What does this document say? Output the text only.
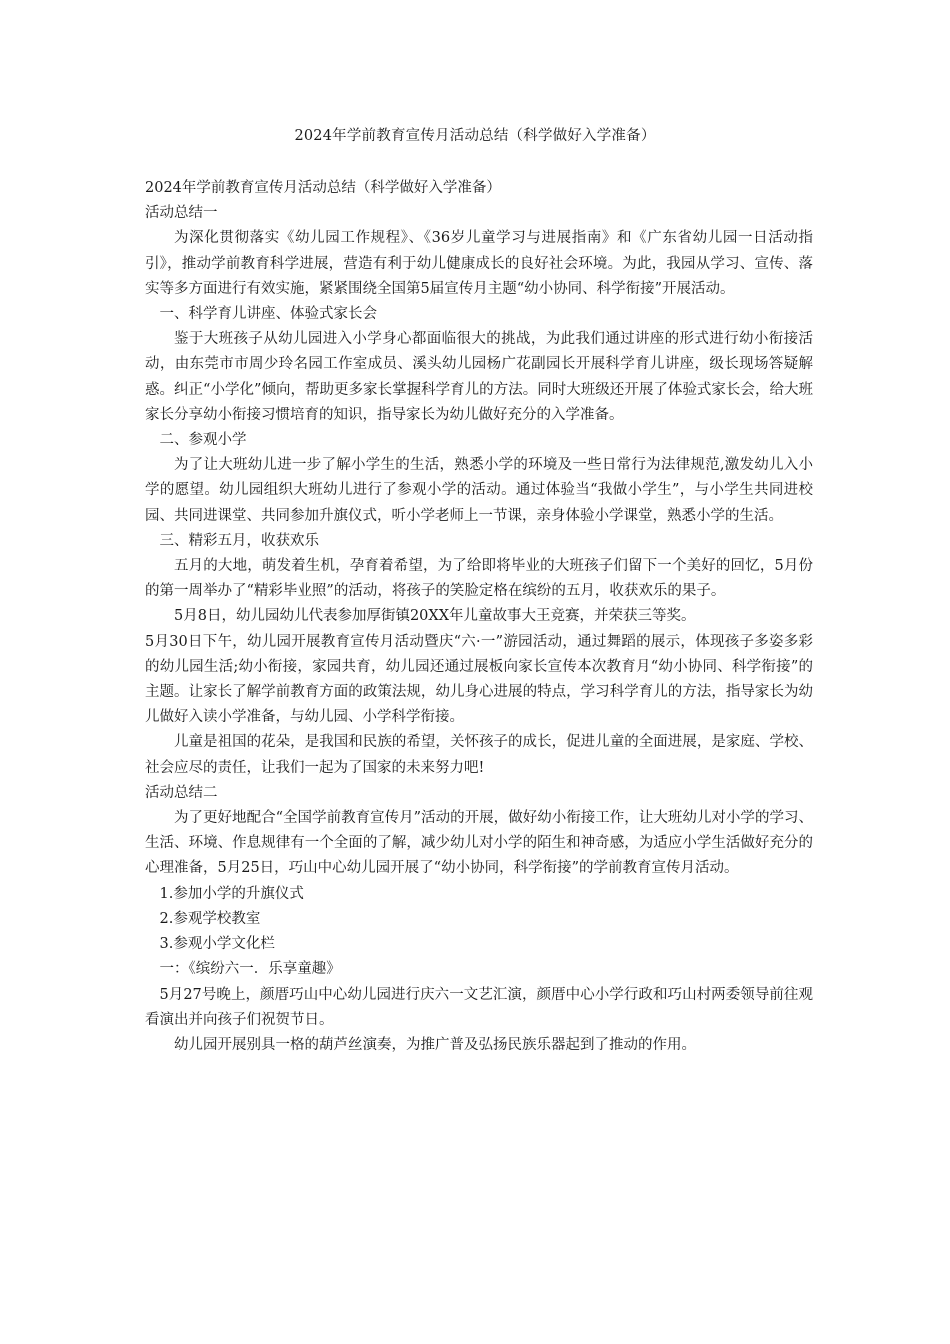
2024年学前教育宣传月活动总结（科学做好入学准备）

2024年学前教育宣传月活动总结（科学做好入学准备）

活动总结一

为深化贯彻落实《幼儿园工作规程》、《36岁儿童学习与进展指南》和《广东省幼儿园一日活动指引》，推动学前教育科学进展，营造有利于幼儿健康成长的良好社会环境。为此，我园从学习、宣传、落实等多方面进行有效实施，紧紧围绕全国第5届宣传月主题“幼小协同、科学衔接”开展活动。

一、科学育儿讲座、体验式家长会

鉴于大班孩子从幼儿园进入小学身心都面临很大的挑战，为此我们通过讲座的形式进行幼小衔接活动，由东莞市市周少玲名园工作室成员、溪头幼儿园杨广花副园长开展科学育儿讲座，级长现场答疑解惑。纠正“小学化”倾向，帮助更多家长掌握科学育儿的方法。同时大班级还开展了体验式家长会，给大班家长分享幼小衔接习惯培育的知识，指导家长为幼儿做好充分的入学准备。

二、参观小学

为了让大班幼儿进一步了解小学生的生活，熟悉小学的环境及一些日常行为法律规范,激发幼儿入小学的愿望。幼儿园组织大班幼儿进行了参观小学的活动。通过体验当“我做小学生”，与小学生共同进校园、共同进课堂、共同参加升旗仪式，听小学老师上一节课，亲身体验小学课堂，熟悉小学的生活。

三、精彩五月，收获欢乐

五月的大地，萌发着生机，孕育着希望，为了给即将毕业的大班孩子们留下一个美好的回忆，5月份的第一周举办了“精彩毕业照”的活动，将孩子的笑脸定格在缤纷的五月，收获欢乐的果子。

5月8日，幼儿园幼儿代表参加厚街镇20XX年儿童故事大王竞赛，并荣获三等奖。

5月30日下午，幼儿园开展教育宣传月活动暨庆“六·一”游园活动，通过舞蹈的展示，体现孩子多姿多彩的幼儿园生活;幼小衔接，家园共育，幼儿园还通过展板向家长宣传本次教育月“幼小协同、科学衔接”的主题。让家长了解学前教育方面的政策法规，幼儿身心进展的特点，学习科学育儿的方法，指导家长为幼儿做好入读小学准备，与幼儿园、小学科学衔接。

儿童是祖国的花朵，是我国和民族的希望，关怀孩子的成长，促进儿童的全面进展，是家庭、学校、社会应尽的责任，让我们一起为了国家的未来努力吧!

活动总结二

为了更好地配合“全国学前教育宣传月”活动的开展，做好幼小衔接工作，让大班幼儿对小学的学习、生活、环境、作息规律有一个全面的了解，减少幼儿对小学的陌生和神奇感，为适应小学生活做好充分的心理准备，5月25日，巧山中心幼儿园开展了“幼小协同，科学衔接”的学前教育宣传月活动。

1.参加小学的升旗仪式

2.参观学校教室

3.参观小学文化栏

一：《缤纷六一．乐享童趣》

5月27号晚上，颜厝巧山中心幼儿园进行庆六一文艺汇演，颜厝中心小学行政和巧山村两委领导前往观看演出并向孩子们祝贺节日。

幼儿园开展别具一格的葫芦丝演奏，为推广普及弘扬民族乐器起到了推动的作用。
